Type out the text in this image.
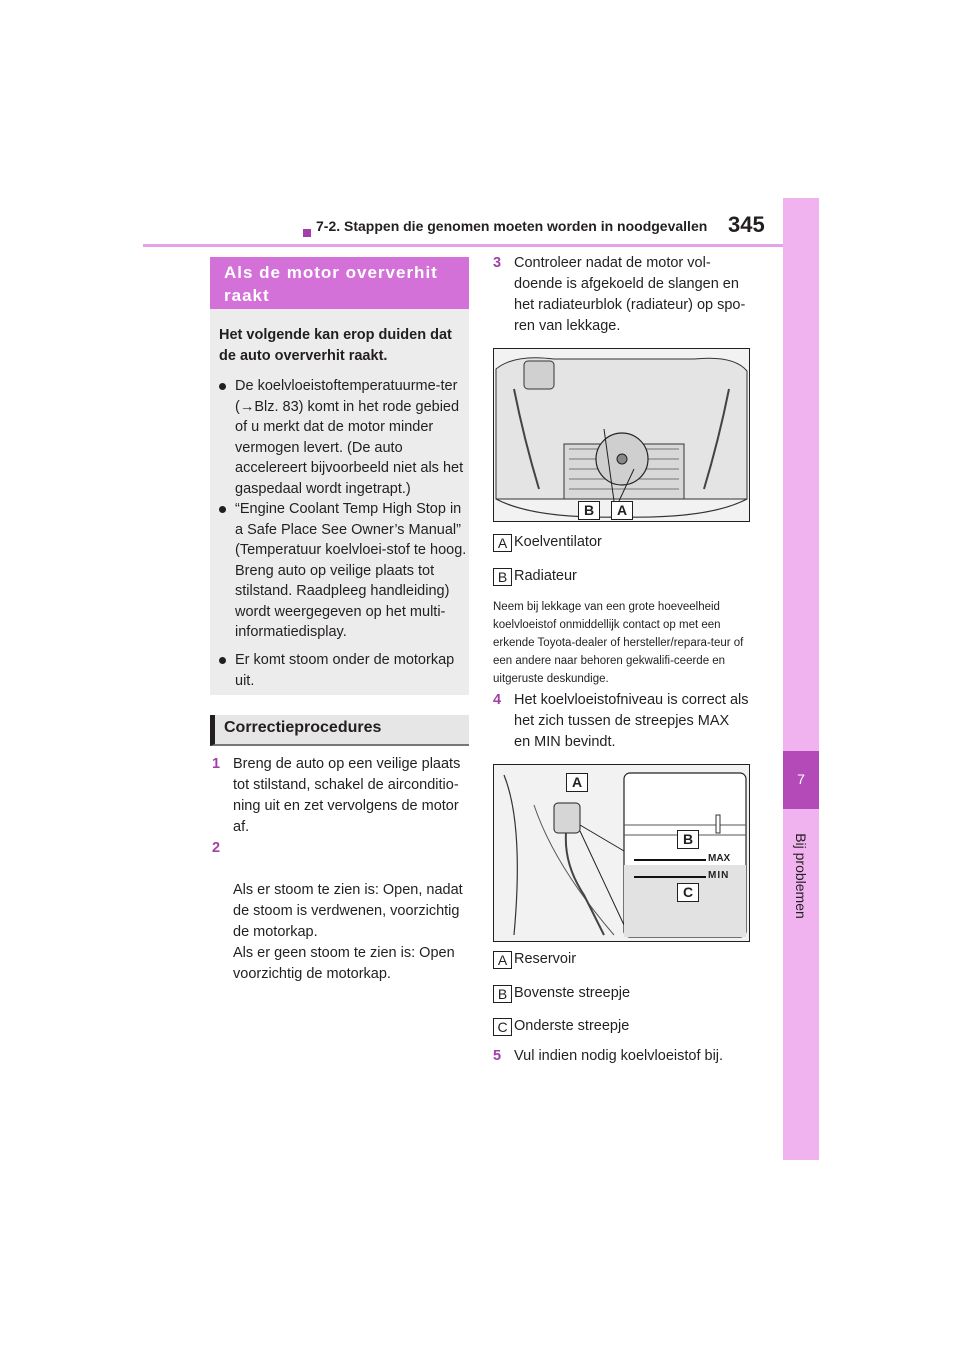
345
7-2. Stappen die genomen moeten worden in noodgevallen
7
Bij problemen
Als de motor oververhit raakt
Het volgende kan erop duiden dat de auto oververhit raakt.
De koelvloeistoftemperatuurme-ter (→Blz. 83) komt in het rode gebied of u merkt dat de motor minder vermogen levert. (De auto accelereert bijvoorbeeld niet als het gaspedaal wordt ingetrapt.)
“Engine Coolant Temp High Stop in a Safe Place See Owner’s Manual” (Temperatuur koelvloei-stof te hoog. Breng auto op veilige plaats tot stilstand. Raadpleeg handleiding) wordt weergegeven op het multi-informatiedisplay.
Er komt stoom onder de motorkap uit.
Correctieprocedures
1 Breng de auto op een veilige plaats tot stilstand, schakel de airconditio-ning uit en zet vervolgens de motor af.

2

Als er stoom te zien is: Open, nadat de stoom is verdwenen, voorzichtig de motorkap.
Als er geen stoom te zien is: Open voorzichtig de motorkap.

3 Controleer nadat de motor vol-doende is afgekoeld de slangen en het radiateurblok (radiateur) op spo-ren van lekkage.
B	A
A Koelventilator
B Radiateur
Neem bij lekkage van een grote hoeveelheid koelvloeistof onmiddellijk contact op met een erkende Toyota-dealer of hersteller/repara-teur of een andere naar behoren gekwalifi-ceerde en uitgeruste deskundige.
4 Het koelvloeistofniveau is correct als het zich tussen de streepjes MAX en MIN bevindt.
A
B
C
MAX
MIN
A Reservoir
B Bovenste streepje
C Onderste streepje
5 Vul indien nodig koelvloeistof bij.
